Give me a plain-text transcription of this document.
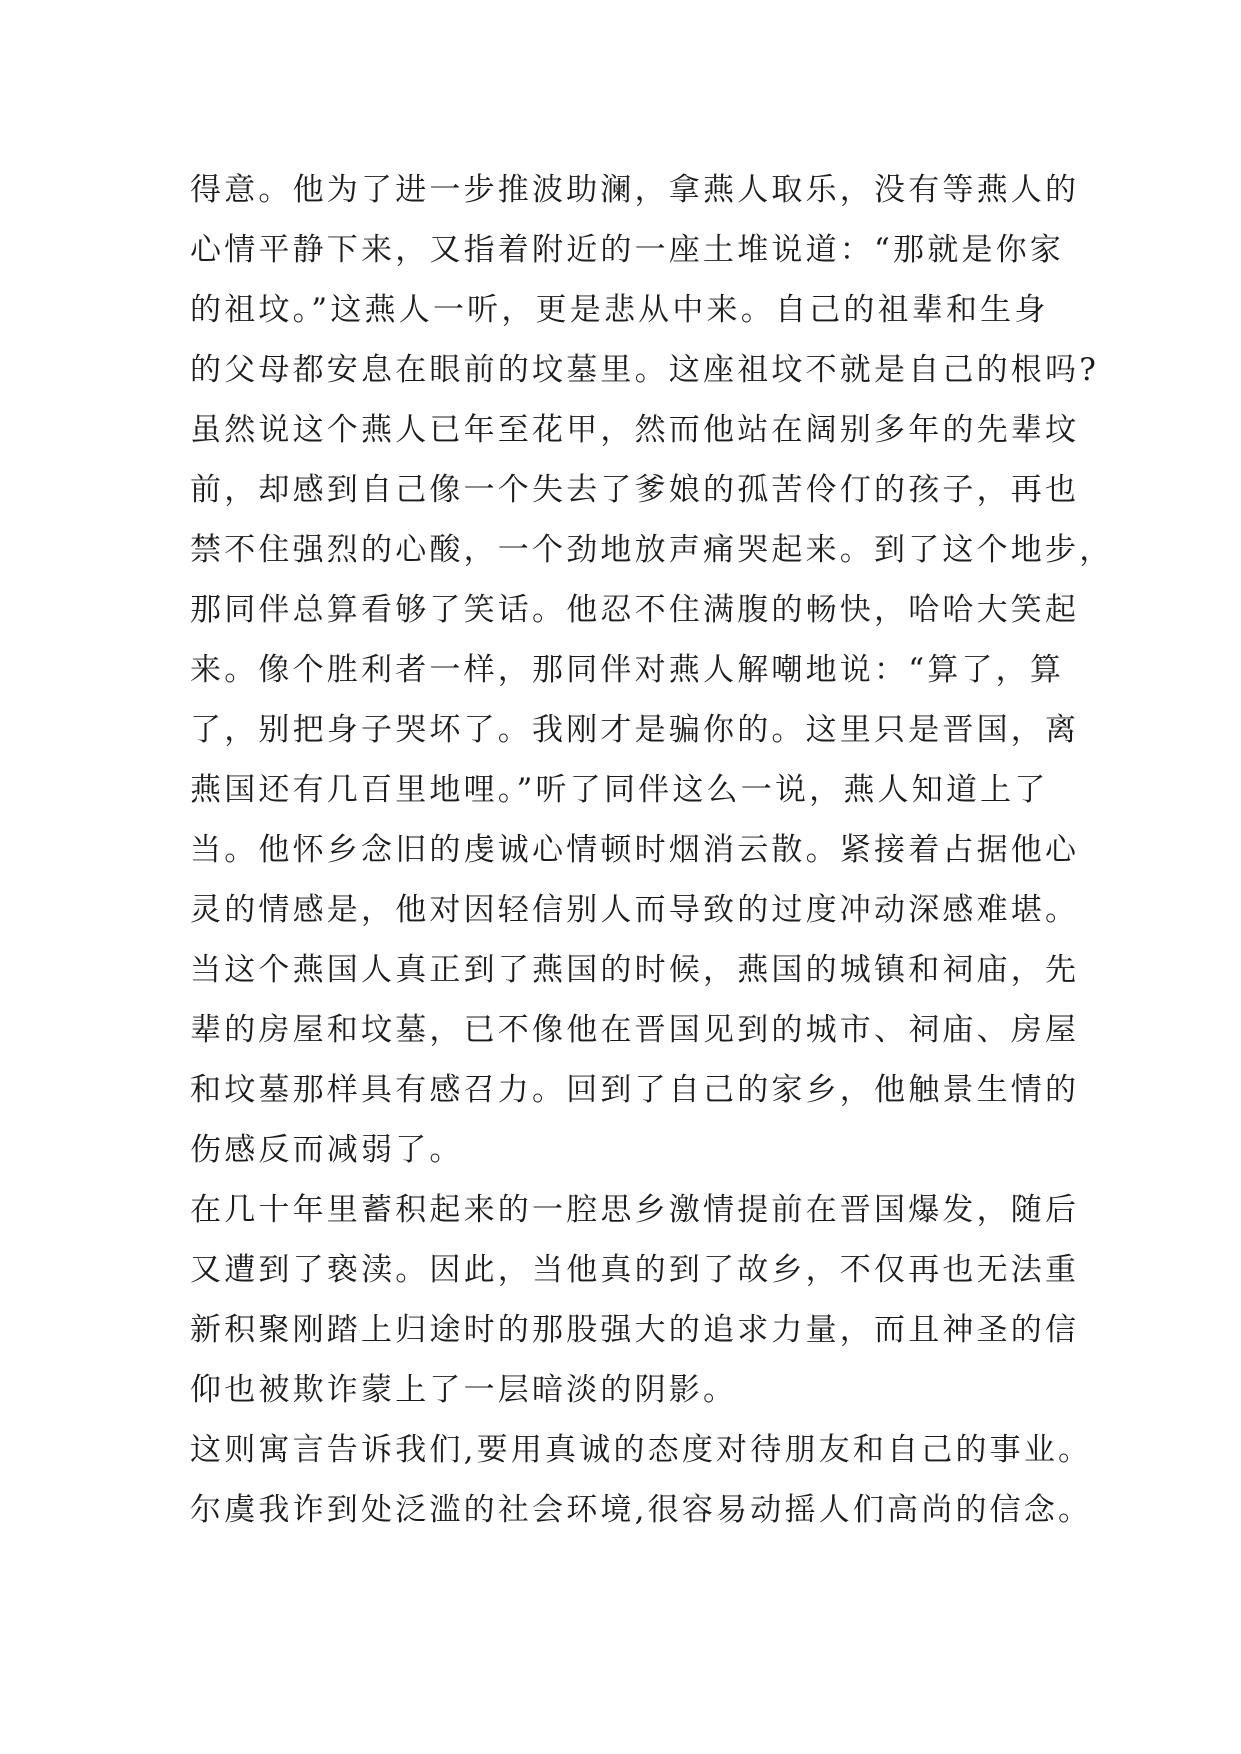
得意。他为了进一步推波助澜，拿燕人取乐，没有等燕人的
心情平静下来，又指着附近的一座土堆说道：“那就是你家
的祖坟。”这燕人一听，更是悲从中来。自己的祖辈和生身
的父母都安息在眼前的坟墓里。这座祖坟不就是自己的根吗?
虽然说这个燕人已年至花甲，然而他站在阔别多年的先辈坟
前，却感到自己像一个失去了爹娘的孤苦伶仃的孩子，再也
禁不住强烈的心酸，一个劲地放声痛哭起来。到了这个地步，
那同伴总算看够了笑话。他忍不住满腹的畅快，哈哈大笑起
来。像个胜利者一样，那同伴对燕人解嘲地说：“算了，算
了，别把身子哭坏了。我刚才是骗你的。这里只是晋国，离
燕国还有几百里地哩。”听了同伴这么一说，燕人知道上了
当。他怀乡念旧的虔诚心情顿时烟消云散。紧接着占据他心
灵的情感是，他对因轻信别人而导致的过度冲动深感难堪。
当这个燕国人真正到了燕国的时候，燕国的城镇和祠庙，先
辈的房屋和坟墓，已不像他在晋国见到的城市、祠庙、房屋
和坟墓那样具有感召力。回到了自己的家乡，他触景生情的
伤感反而减弱了。
在几十年里蓄积起来的一腔思乡激情提前在晋国爆发，随后
又遭到了亵渎。因此，当他真的到了故乡，不仅再也无法重
新积聚刚踏上归途时的那股强大的追求力量，而且神圣的信
仰也被欺诈蒙上了一层暗淡的阴影。
这则寓言告诉我们,要用真诚的态度对待朋友和自己的事业。
尔虞我诈到处泛滥的社会环境,很容易动摇人们高尚的信念。
